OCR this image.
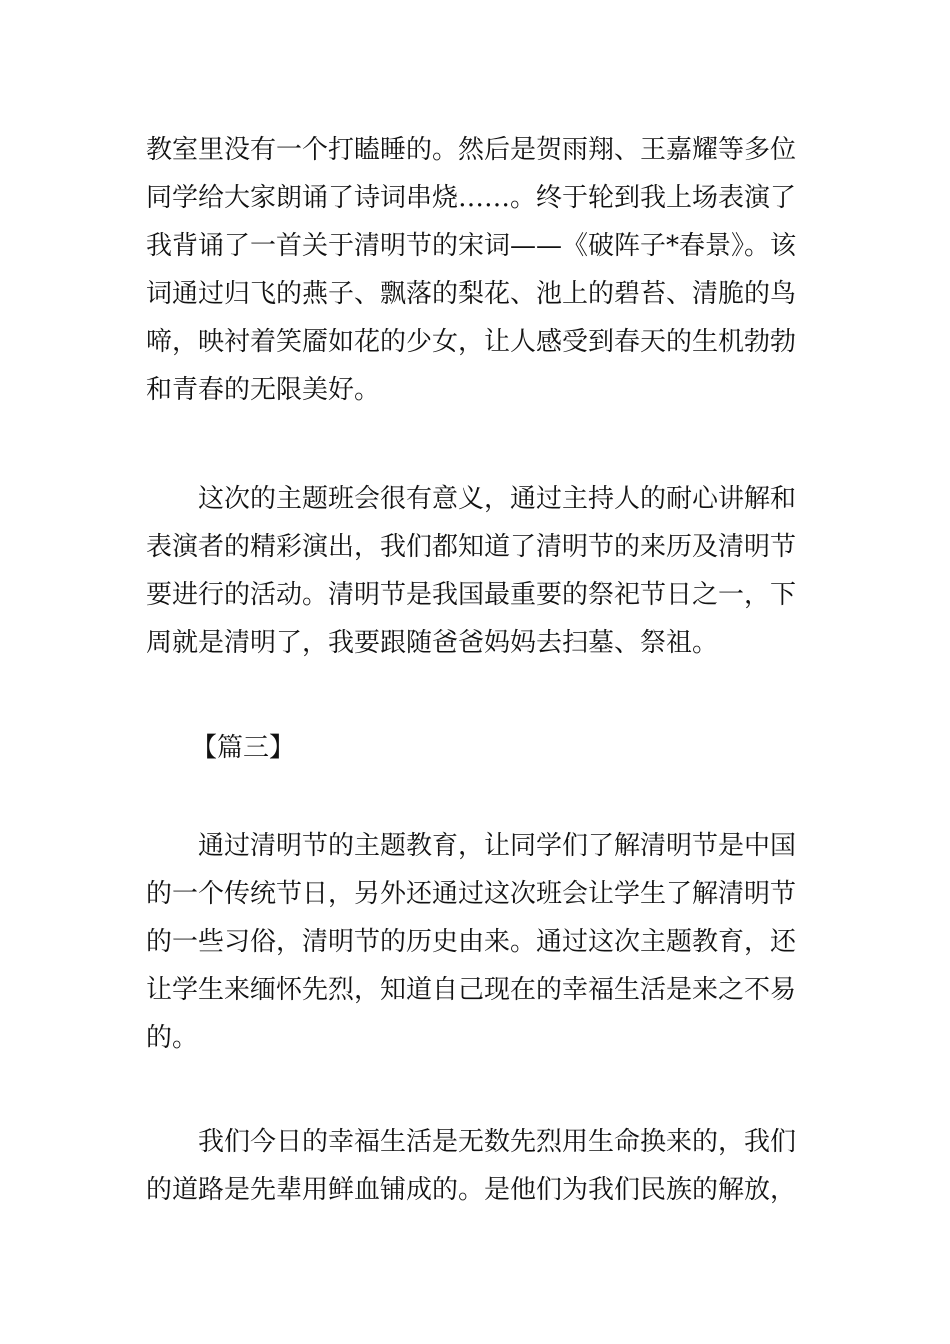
教室里没有一个打瞌睡的。然后是贺雨翔、王嘉耀等多位
同学给大家朗诵了诗词串烧……。终于轮到我上场表演了
我背诵了一首关于清明节的宋词——《破阵子*春景》。该
词通过归飞的燕子、飘落的梨花、池上的碧苔、清脆的鸟
啼，映衬着笑靥如花的少女，让人感受到春天的生机勃勃
和青春的无限美好。
这次的主题班会很有意义，通过主持人的耐心讲解和
表演者的精彩演出，我们都知道了清明节的来历及清明节
要进行的活动。清明节是我国最重要的祭祀节日之一，下
周就是清明了，我要跟随爸爸妈妈去扫墓、祭祖。
【篇三】
通过清明节的主题教育，让同学们了解清明节是中国
的一个传统节日，另外还通过这次班会让学生了解清明节
的一些习俗，清明节的历史由来。通过这次主题教育，还
让学生来缅怀先烈，知道自己现在的幸福生活是来之不易
的。
我们今日的幸福生活是无数先烈用生命换来的，我们
的道路是先辈用鲜血铺成的。是他们为我们民族的解放，
